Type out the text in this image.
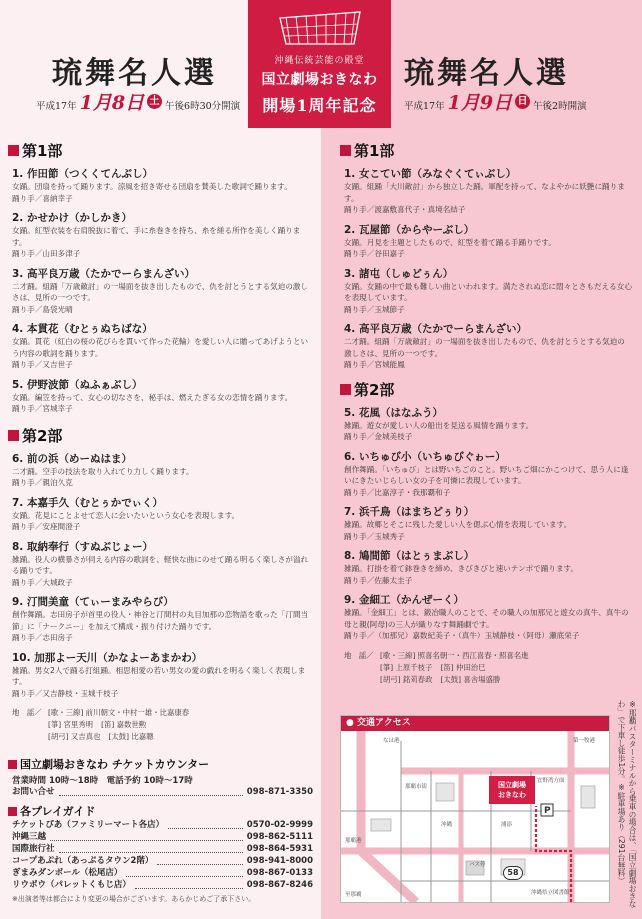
琉舞名人選
平成17年 1月8日 土 午後6時30分開演
沖縄伝統芸能の殿堂
国立劇場おきなわ
開場1周年記念
琉舞名人選
平成17年 1月9日 日 午後2時開演
第1部
1. 作田節（つくくてんぶし）
女踊。団扇を持って踊ります。涼風を招き寄せる団扇を賛美した歌詞で踊ります。
踊り手／喜納幸子
2. かせかけ（かしかき）
女踊。紅型衣装を右肩脱抜に着て、手に糸巻きを持ち、糸を縒る所作を美しく踊ります。
踊り手／山田多津子
3. 高平良万歳（たかでーらまんざい）
二才踊。組踊「万歳敵討」の一場面を抜き出したもので、仇を討とうとする気迫の激しさは、見所の一つです。
踊り手／島袋光晴
4. 本貫花（むとぅぬちばな）
女踊。貫花（紅白の桜の花びらを貫いて作った花輪）を愛しい人に贈ってあげようという内容の歌詞を踊ります。
踊り手／又吉世子
5. 伊野波節（ぬふぁぶし）
女踊。編笠を持って、女心の切なさを、秘手は、燃えたぎる女の恋情を踊ります。
踊り手／宮城幸子
第2部
6. 前の浜（めーぬはま）
二才踊。空手の技法を取り入れてり力しく踊ります。
踊り手／親泊久克
7. 本嘉手久（むとぅかでぃく）
女踊。花見にことよせて恋人に会いたいという女心を表現します。
踊り手／安座間澄子
8. 取納奉行（すぬぶじょー）
雑踊。役人の横暴さが伺える内容の歌詞を、軽快な曲にのせて踊る明るく楽しさが溢れる踊りです。
踊り手／大城政子
9. 汀間美童（てぃーまみやらび）
創作舞踊。志田房子が首里の役人・神谷と汀間村の丸目加那の恋物語を歌った「汀間当節」に「ナークニー」を加えて構成・振り付けた踊りです。
踊り手／志田房子
10. 加那よー天川（かなよーあまかわ）
雑踊。男女2人で踊る打組踊。相思相愛の若い男女の愛の戯れを明るく楽しく表現します。
踊り手／又吉静枝・玉城千枝子
地　謡／ [歌・三線] 前川朝文・中村一雄・比嘉康春
[箏] 宮里秀明 [笛] 嘉数世勲
[胡弓] 又吉真也 [太鼓] 比嘉聰
第1部
1. 女こてい節（みなぐくてぃぶし）
女踊。組踊「大川敵討」から独立した踊。軍配を持って、なよやかに妖艶に踊ります。
踊り手／渡嘉敷喜代子・真境名結子
2. 瓦屋節（からやーぶし）
女踊。月見を主題としたもので、紅型を着て踊る手踊りです。
踊り手／谷田嘉子
3. 諸屯（しゅどぅん）
女踊。女踊の中で最も難しい曲といわれます。満たされぬ恋に悶々とさもだえる女心を表現しています。
踊り手／玉城節子
4. 高平良万歳（たかでーらまんざい）
二才踊。組踊「万歳敵討」の一場面を抜き出したもので、仇を討とうとする気迫の激しさは、見所の一つです。
踊り手／宮城能鳳
第2部
5. 花風（はなふう）
雑踊。遊女が愛しい人の船出を見送る風情を踊ります。
踊り手／金城美枝子
6. いちゅび小（いちゅびぐゎー）
創作舞踊。「いちゅび」とは野いちごのこと。野いちご畑にかこつけて、思う人に逢いにきたいじらしい女の子を可憐に表現しています。
踊り手／比嘉淳子・我那覇和子
7. 浜千鳥（はまちどぅり）
雑踊。故郷とそこに残した愛しい人を偲ぶ心情を表現しています。
踊り手／玉城秀子
8. 鳩間節（はとぅまぶし）
雑踊。打掛を着て鉢巻きを締め、きびきびと速いテンポで踊ります。
踊り手／佐藤太圭子
9. 金細工（かんぜーく）
雑踊。「金細工」とは、鍛冶職人のことで、その職人の加那兄と遊女の真牛、真牛の母と親(阿母)の三人が織りなす舞踊劇です。
踊り手／（加那兄）嘉数紀美子・（真牛）玉城静枝・（阿母）瀬底栄子
地　謡／ [歌・三線] 照喜名朝一・西江喜春・照喜名進
[箏] 上原千枝子 [笛] 仲田治巳
[胡弓] 銘苅春政 [太鼓] 喜舎場盛勝
国立劇場おきなわ チケットカウンター
営業時間 10時～18時　電話予約 10時～17時
お問い合せ	098-871-3350
各プレイガイド
チケットぴあ（ファミリーマート各店）	0570-02-9999
沖縄三越	098-862-5111
国際旅行社	098-864-5931
コープあぷれ（あっぷるタウン2階）	098-941-8000
ぎまみダンボール（松尾店）	098-867-0133
リウボウ（パレットくもじ店）	098-867-8246
※出演者等は都合により変更の場合がございます。あらかじめご了承下さい。
● 交通アクセス
P
国立劇場
おきなわ
58
なは港
那覇港
第一牧港
沖縄	浦添
バス停
宜野湾方面
那覇市街
至那覇	沖縄県立図書館	※那覇バスターミナルから乗車の場合は、「国立劇場おきなわ」で下車し徒歩1分。※駐車場あり（291台無料）
